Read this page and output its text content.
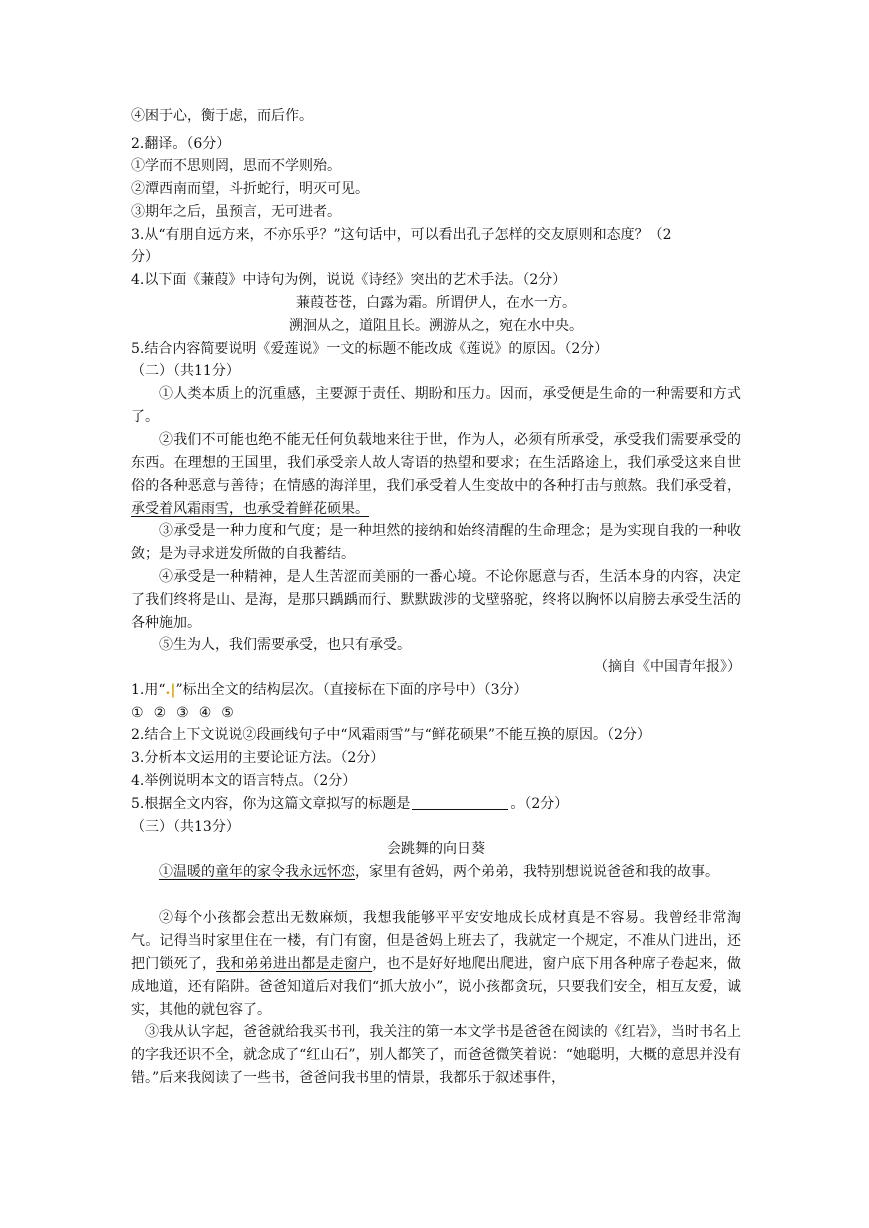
④困于心，衡于虑，而后作。
2.翻译。（6分）
①学而不思则罔，思而不学则殆。
②潭西南而望，斗折蛇行，明灭可见。
③期年之后，虽预言，无可进者。
3.从“有朋自远方来，不亦乐乎？”这句话中，可以看出孔子怎样的交友原则和态度？（2
分）
4.以下面《蒹葭》中诗句为例，说说《诗经》突出的艺术手法。（2分）
蒹葭苍苍，白露为霜。所谓伊人，在水一方。
溯洄从之，道阻且长。溯游从之，宛在水中央。
5.结合内容简要说明《爱莲说》一文的标题不能改成《莲说》的原因。（2分）
（二）（共11分）
①人类本质上的沉重感，主要源于责任、期盼和压力。因而，承受便是生命的一种需要和方式了。
②我们不可能也绝不能无任何负载地来往于世，作为人，必须有所承受，承受我们需要承受的东西。在理想的王国里，我们承受亲人故人寄语的热望和要求；在生活路途上，我们承受这来自世俗的各种恶意与善待；在情感的海洋里，我们承受着人生变故中的各种打击与煎熬。我们承受着，承受着风霜雨雪，也承受着鲜花硕果。
③承受是一种力度和气度；是一种坦然的接纳和始终清醒的生命理念；是为实现自我的一种收敛；是为寻求迸发所做的自我蓄结。
④承受是一种精神，是人生苦涩而美丽的一番心境。不论你愿意与否，生活本身的内容，决定了我们终将是山、是海，是那只踽踽而行、默默跋涉的戈壁骆驼，终将以胸怀以肩膀去承受生活的各种施加。
⑤生为人，我们需要承受，也只有承受。
（摘自《中国青年报》）
1.用“.|”标出全文的结构层次。（直接标在下面的序号中）（3分）
① ② ③ ④ ⑤
2.结合上下文说说②段画线句子中“风霜雨雪”与“鲜花硕果”不能互换的原因。（2分）
3.分析本文运用的主要论证方法。（2分）
4.举例说明本文的语言特点。（2分）
5.根据全文内容，你为这篇文章拟写的标题是	。（2分）
（三）（共13分）
会跳舞的向日葵
①温暖的童年的家令我永远怀恋，家里有爸妈，两个弟弟，我特别想说说爸爸和我的故事。
②每个小孩都会惹出无数麻烦，我想我能够平平安安地成长成材真是不容易。我曾经非常淘气。记得当时家里住在一楼，有门有窗，但是爸妈上班去了，我就定一个规定，不准从门进出，还把门锁死了，我和弟弟进出都是走窗户，也不是好好地爬出爬进，窗户底下用各种席子卷起来，做成地道，还有陷阱。爸爸知道后对我们“抓大放小”，说小孩都贪玩，只要我们安全，相互友爱，诚实，其他的就包容了。
③我从认字起，爸爸就给我买书刊，我关注的第一本文学书是爸爸在阅读的《红岩》，当时书名上的字我还识不全，就念成了“红山石”，别人都笑了，而爸爸微笑着说：“她聪明，大概的意思并没有错。”后来我阅读了一些书，爸爸问我书里的情景，我都乐于叙述事件，
